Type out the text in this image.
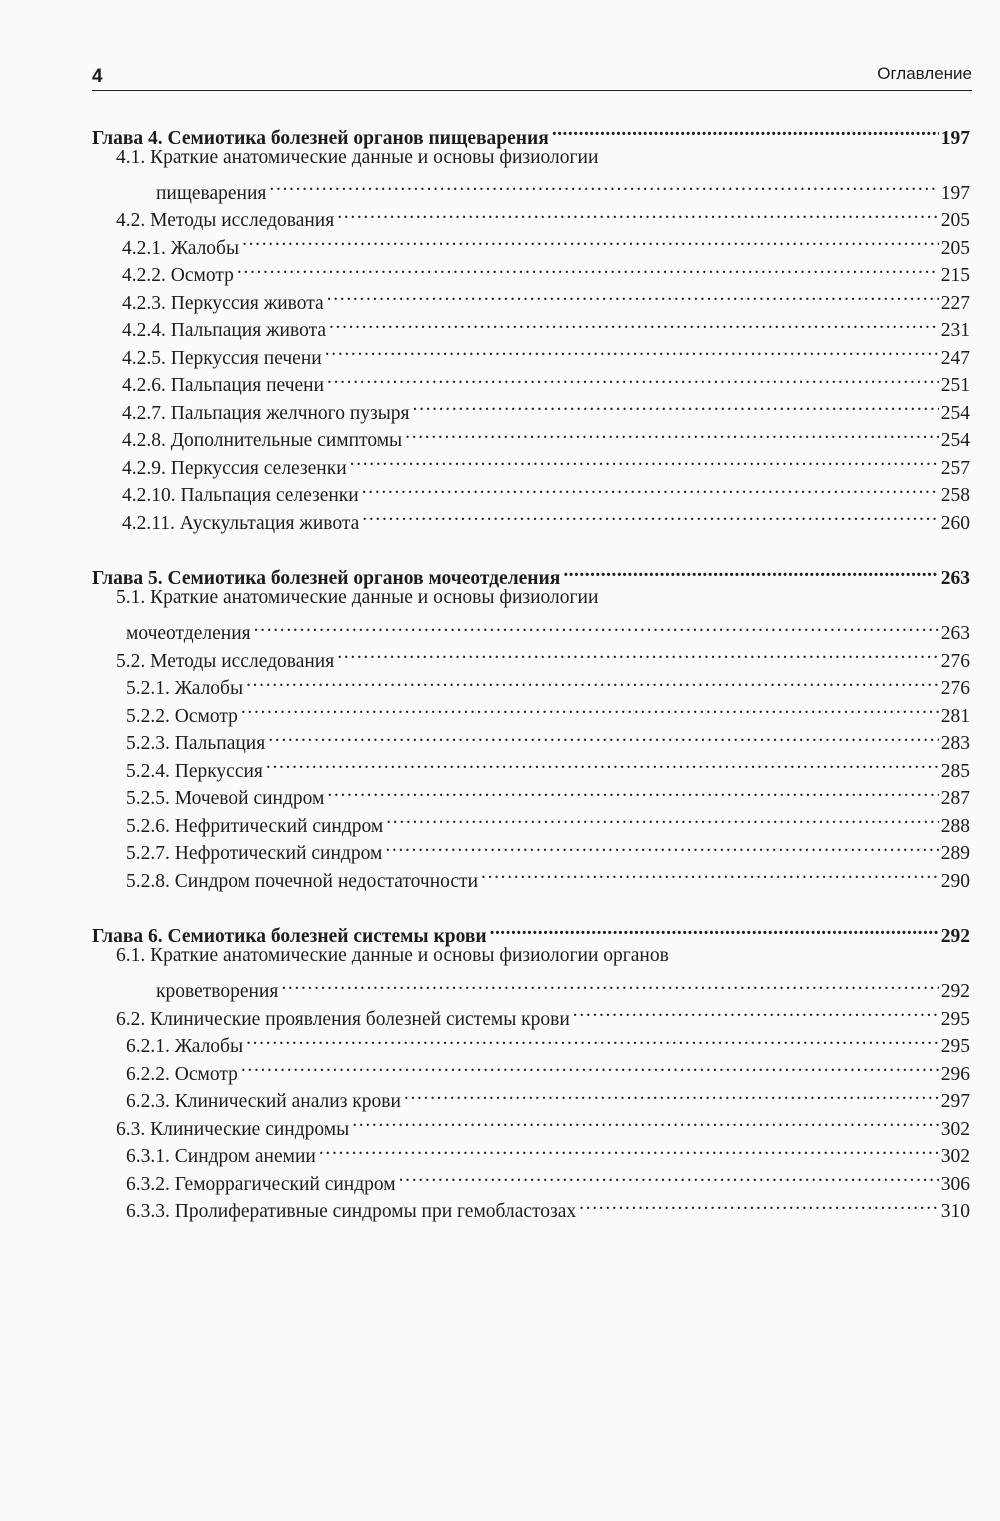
4	Оглавление
Глава 4. Семиотика болезней органов пищеварения . . .	197
4.1. Краткие анатомические данные и основы физиологии
пищеварения . . .	197
4.2. Методы исследования . . .	205
4.2.1. Жалобы . . .	205
4.2.2. Осмотр . . .	215
4.2.3. Перкуссия живота . . .	227
4.2.4. Пальпация живота . . .	231
4.2.5. Перкуссия печени . . .	247
4.2.6. Пальпация печени . . .	251
4.2.7. Пальпация желчного пузыря . . .	254
4.2.8. Дополнительные симптомы . . .	254
4.2.9. Перкуссия селезенки . . .	257
4.2.10. Пальпация селезенки . . .	258
4.2.11. Аускультация живота . . .	260
Глава 5. Семиотика болезней органов мочеотделения . . .	263
5.1. Краткие анатомические данные и основы физиологии
мочеотделения . . .	263
5.2. Методы исследования . . .	276
5.2.1. Жалобы . . .	276
5.2.2. Осмотр . . .	281
5.2.3. Пальпация . . .	283
5.2.4. Перкуссия . . .	285
5.2.5. Мочевой синдром . . .	287
5.2.6. Нефритический синдром . . .	288
5.2.7. Нефротический синдром . . .	289
5.2.8. Синдром почечной недостаточности . . .	290
Глава 6. Семиотика болезней системы крови . . .	292
6.1. Краткие анатомические данные и основы физиологии органов
кроветворения . . .	292
6.2. Клинические проявления болезней системы крови . . .	295
6.2.1. Жалобы . . .	295
6.2.2. Осмотр . . .	296
6.2.3. Клинический анализ крови . . .	297
6.3. Клинические синдромы . . .	302
6.3.1. Синдром анемии . . .	302
6.3.2. Геморрагический синдром . . .	306
6.3.3. Пролиферативные синдромы при гемобластозах . . .	310
